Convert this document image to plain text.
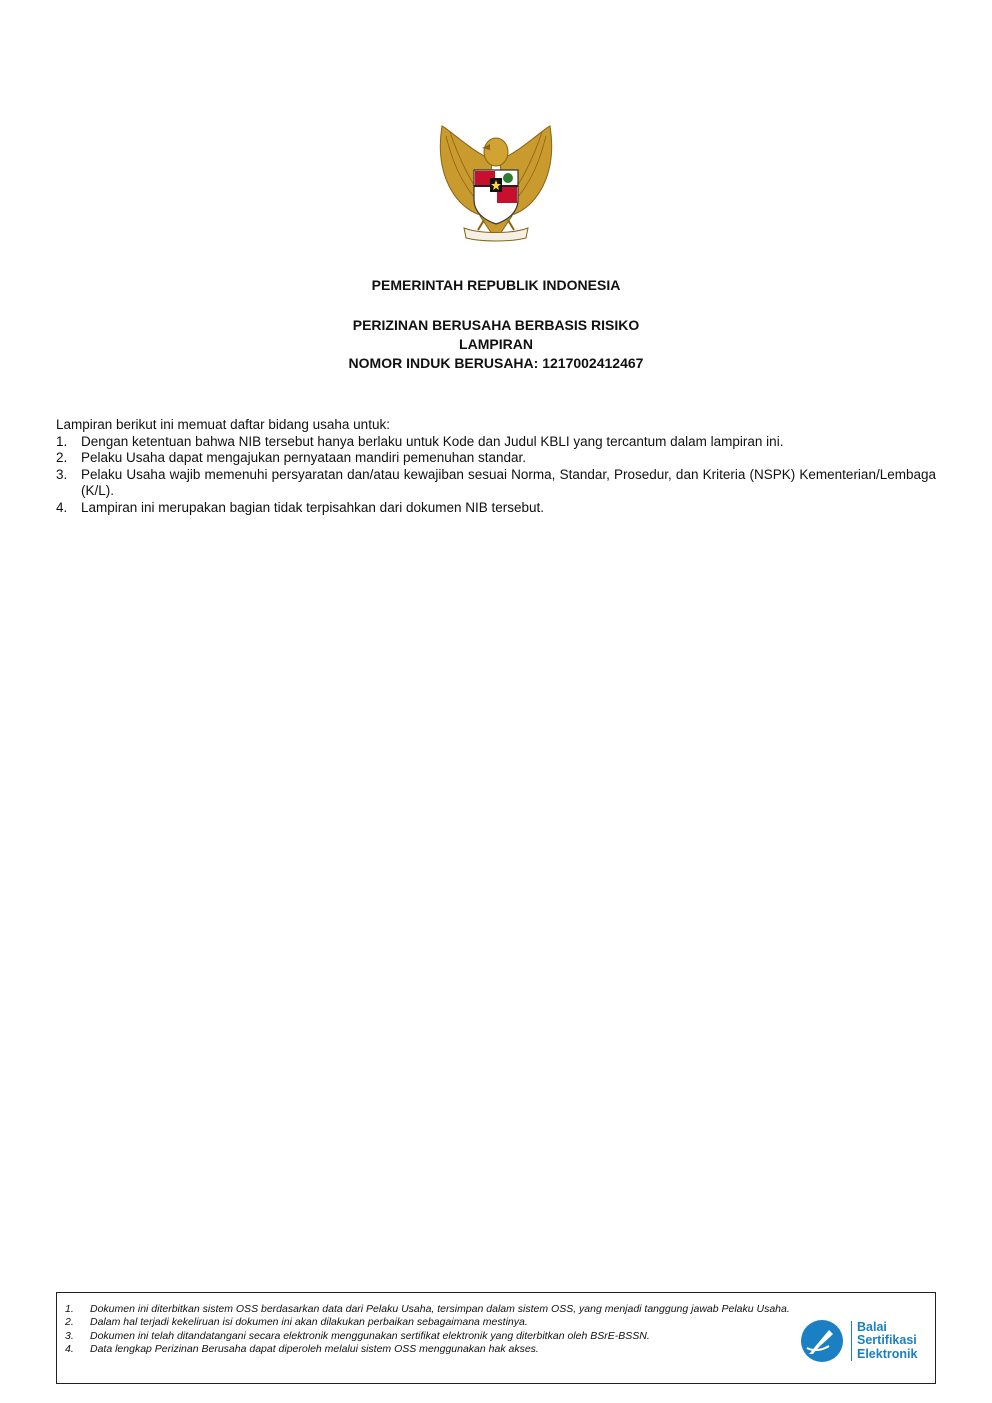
PEMERINTAH REPUBLIK INDONESIA
PERIZINAN BERUSAHA BERBASIS RISIKO
LAMPIRAN
NOMOR INDUK BERUSAHA: 1217002412467
Lampiran berikut ini memuat daftar bidang usaha untuk:
1.	Dengan ketentuan bahwa NIB tersebut hanya berlaku untuk Kode dan Judul KBLI yang tercantum dalam lampiran ini.
2.	Pelaku Usaha dapat mengajukan pernyataan mandiri pemenuhan standar.
3.	Pelaku Usaha wajib memenuhi persyaratan dan/atau kewajiban sesuai Norma, Standar, Prosedur, dan Kriteria (NSPK) Kementerian/Lembaga (K/L).
4.	Lampiran ini merupakan bagian tidak terpisahkan dari dokumen NIB tersebut.
1.	Dokumen ini diterbitkan sistem OSS berdasarkan data dari Pelaku Usaha, tersimpan dalam sistem OSS, yang menjadi tanggung jawab Pelaku Usaha.
2.	Dalam hal terjadi kekeliruan isi dokumen ini akan dilakukan perbaikan sebagaimana mestinya.
3.	Dokumen ini telah ditandatangani secara elektronik menggunakan sertifikat elektronik yang diterbitkan oleh BSrE-BSSN.
4.	Data lengkap Perizinan Berusaha dapat diperoleh melalui sistem OSS menggunakan hak akses.
Balai
Sertifikasi
Elektronik
